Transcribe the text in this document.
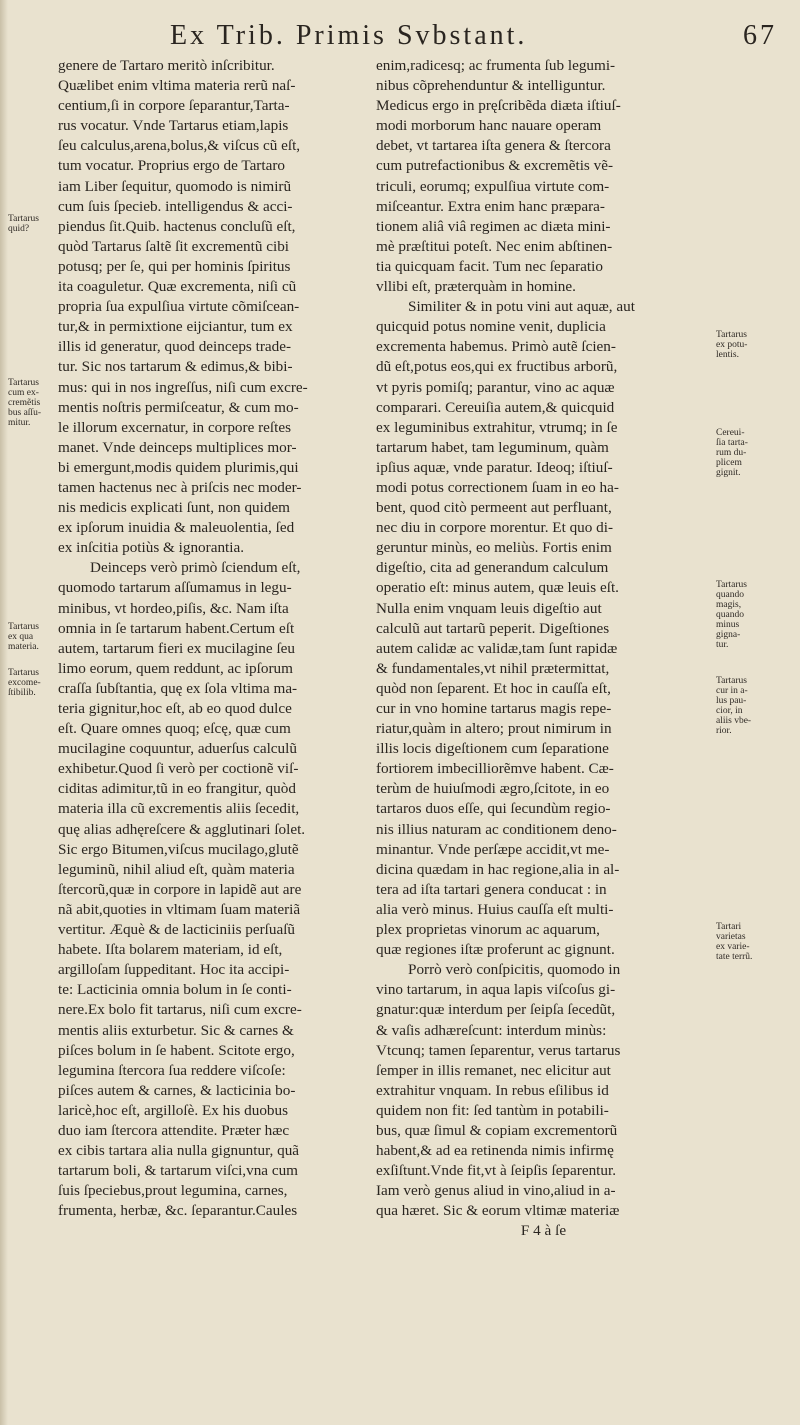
Ex Trib. Primis Svbstant.	67
genere de Tartaro meritò inſcribitur.
Quælibet enim vltima materia rerũ naſ-
centium,ſi in corpore ſeparantur,Tarta-
rus vocatur. Vnde Tartarus etiam,lapis
ſeu calculus,arena,bolus,& viſcus cũ eſt,
tum vocatur. Proprius ergo de Tartaro
iam Liber ſequitur, quomodo is nimirũ
cum ſuis ſpecieb. intelligendus & acci-
piendus ſit.Quib. hactenus concluſũ eſt,
quòd Tartarus ſaltẽ ſit excrementũ cibi
potusq; per ſe, qui per hominis ſpiritus
ita coaguletur. Quæ excrementa, niſi cũ
propria ſua expulſiua virtute cõmiſcean-
tur,& in permixtione eijciantur, tum ex
illis id generatur, quod deinceps trade-
tur. Sic nos tartarum & edimus,& bibi-
mus: qui in nos ingreſſus, niſi cum excre-
mentis noſtris permiſceatur, & cum mo-
le illorum excernatur, in corpore reſtes
manet. Vnde deinceps multiplices mor-
bi emergunt,modis quidem plurimis,qui
tamen hactenus nec à priſcis nec moder-
nis medicis explicati ſunt, non quidem
ex ipſorum inuidia & maleuolentia, ſed
ex inſcitia potiùs & ignorantia.
Deinceps verò primò ſciendum eſt,
quomodo tartarum aſſumamus in legu-
minibus, vt hordeo,piſis, &c. Nam iſta
omnia in ſe tartarum habent.Certum eſt
autem, tartarum fieri ex mucilagine ſeu
limo eorum, quem reddunt, ac ipſorum
craſſa ſubſtantia, quę ex ſola vltima ma-
teria gignitur,hoc eſt, ab eo quod dulce
eſt. Quare omnes quoq; eſcę, quæ cum
mucilagine coquuntur, aduerſus calculũ
exhibetur.Quod ſi verò per coctionẽ viſ-
ciditas adimitur,tũ in eo frangitur, quòd
materia illa cũ excrementis aliis ſecedit,
quę alias adhęreſcere & agglutinari ſolet.
Sic ergo Bitumen,viſcus mucilago,glutẽ
leguminũ, nihil aliud eſt, quàm materia
ſtercorũ,quæ in corpore in lapidẽ aut are
nã abit,quoties in vltimam ſuam materiã
vertitur. Æquè & de lacticiniis perſuaſũ
habete. Iſta bolarem materiam, id eſt,
argilloſam ſuppeditant. Hoc ita accipi-
te: Lacticinia omnia bolum in ſe conti-
nere.Ex bolo fit tartarus, niſi cum excre-
mentis aliis exturbetur. Sic & carnes &
piſces bolum in ſe habent. Scitote ergo,
legumina ſtercora ſua reddere viſcoſe:
piſces autem & carnes, & lacticinia bo-
laricè,hoc eſt, argilloſè. Ex his duobus
duo iam ſtercora attendite. Præter hæc
ex cibis tartara alia nulla gignuntur, quã
tartarum boli, & tartarum viſci,vna cum
ſuis ſpeciebus,prout legumina, carnes,
frumenta, herbæ, &c. ſeparantur.Caules
enim,radicesq; ac frumenta ſub legumi-
nibus cõprehenduntur & intelliguntur.
Medicus ergo in pręſcribẽda diæta iſtiuſ-
modi morborum hanc nauare operam
debet, vt tartarea iſta genera & ſtercora
cum putrefactionibus & excremẽtis vẽ-
triculi, eorumq; expulſiua virtute com-
miſceantur. Extra enim hanc præpara-
tionem aliâ viâ regimen ac diæta mini-
mè præſtitui poteſt. Nec enim abſtinen-
tia quicquam facit. Tum nec ſeparatio
vllibi eſt, præterquàm in homine.
Similiter & in potu vini aut aquæ, aut
quicquid potus nomine venit, duplicia
excrementa habemus. Primò autẽ ſcien-
dũ eſt,potus eos,qui ex fructibus arborũ,
vt pyris pomiſq; parantur, vino ac aquæ
comparari. Cereuiſia autem,& quicquid
ex leguminibus extrahitur, vtrumq; in ſe
tartarum habet, tam leguminum, quàm
ipſius aquæ, vnde paratur. Ideoq; iſtiuſ-
modi potus correctionem ſuam in eo ha-
bent, quod citò permeent aut perfluant,
nec diu in corpore morentur. Et quo di-
geruntur minùs, eo meliùs. Fortis enim
digeſtio, cita ad generandum calculum
operatio eſt: minus autem, quæ leuis eſt.
Nulla enim vnquam leuis digeſtio aut
calculũ aut tartarũ peperit. Digeſtiones
autem calidæ ac validæ,tam ſunt rapidæ
& fundamentales,vt nihil prætermittat,
quòd non ſeparent. Et hoc in cauſſa eſt,
cur in vno homine tartarus magis repe-
riatur,quàm in altero; prout nimirum in
illis locis digeſtionem cum ſeparatione
fortiorem imbecilliorẽmve habent. Cæ-
terùm de huiuſmodi ægro,ſcitote, in eo
tartaros duos eſſe, qui ſecundùm regio-
nis illius naturam ac conditionem deno-
minantur. Vnde perſæpe accidit,vt me-
dicina quædam in hac regione,alia in al-
tera ad iſta tartari genera conducat : in
alia verò minus. Huius cauſſa eſt multi-
plex proprietas vinorum ac aquarum,
quæ regiones iſtæ proferunt ac gignunt.
Porrò verò conſpicitis, quomodo in
vino tartarum, in aqua lapis viſcoſus gi-
gnatur:quæ interdum per ſeipſa ſecedũt,
& vaſis adhæreſcunt: interdum minùs:
Vtcunq; tamen ſeparentur, verus tartarus
ſemper in illis remanet, nec elicitur aut
extrahitur vnquam. In rebus eſilibus id
quidem non fit: ſed tantùm in potabili-
bus, quæ ſimul & copiam excrementorũ
habent,& ad ea retinenda nimis infirmę
exſiſtunt.Vnde fit,vt à ſeipſis ſeparentur.
Iam verò genus aliud in vino,aliud in a-
qua hæret. Sic & eorum vltimæ materiæ
F 4 à ſe
Tartarus
quid?
Tartarus
cum ex-
cremẽtis
bus aſſu-
mitur.
Tartarus
ex qua
materia.
Tartarus
excome-
ſtibilib.
Tartarus
ex potu-
lentis.
Cereui-
ſia tarta-
rum du-
plicem
gignit.
Tartarus
quando
magis,
quando
minus
gigna-
tur.
Tartarus
cur in a-
lus pau-
cior, in
aliis vbe-
rior.
Tartari
varietas
ex varie-
tate terrũ.
